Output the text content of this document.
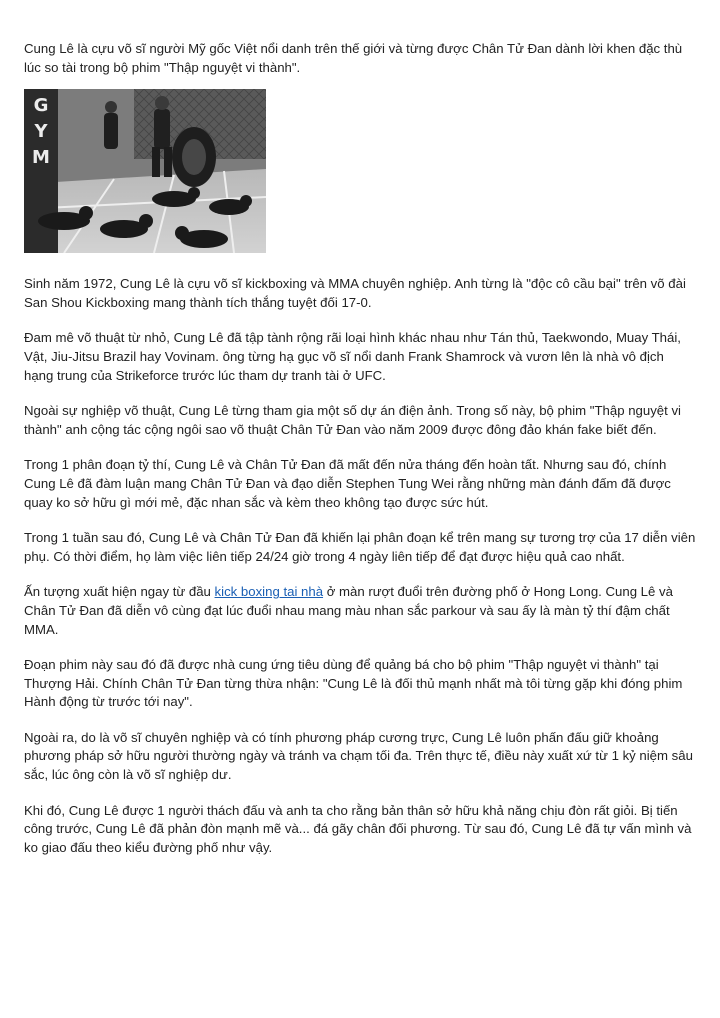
Cung Lê là cựu võ sĩ người Mỹ gốc Việt nổi danh trên thế giới và từng được Chân Tử Đan dành lời khen đặc thù lúc so tài trong bộ phim "Thập nguyệt vi thành".

G
Y
M

Sinh năm 1972, Cung Lê là cựu võ sĩ kickboxing và MMA chuyên nghiệp. Anh từng là "độc cô cầu bại" trên võ đài San Shou Kickboxing mang thành tích thắng tuyệt đối 17-0.

Đam mê võ thuật từ nhỏ, Cung Lê đã tập tành rộng rãi loại hình khác nhau như Tán thủ, Taekwondo, Muay Thái, Vật, Jiu-Jitsu Brazil hay Vovinam. ông từng hạ gục võ sĩ nổi danh Frank Shamrock và vươn lên là nhà vô địch hạng trung của Strikeforce trước lúc tham dự tranh tài ở UFC.

Ngoài sự nghiệp võ thuật, Cung Lê từng tham gia một số dự án điện ảnh. Trong số này, bộ phim "Thập nguyệt vi thành" anh cộng tác cộng ngôi sao võ thuật Chân Tử Đan vào năm 2009 được đông đảo khán fake biết đến.

Trong 1 phân đoạn tỷ thí, Cung Lê và Chân Tử Đan đã mất đến nửa tháng đến hoàn tất. Nhưng sau đó, chính Cung Lê đã đàm luận mang Chân Tử Đan và đạo diễn Stephen Tung Wei rằng những màn đánh đấm đã được quay ko sở hữu gì mới mẻ, đặc nhan sắc và kèm theo không tạo được sức hút.

Trong 1 tuần sau đó, Cung Lê và Chân Tử Đan đã khiến lại phân đoạn kể trên mang sự tương trợ của 17 diễn viên phụ. Có thời điểm, họ làm việc liên tiếp 24/24 giờ trong 4 ngày liên tiếp để đạt được hiệu quả cao nhất.

Ấn tượng xuất hiện ngay từ đầu kick boxing tai nhà ở màn rượt đuổi trên đường phố ở Hong Long. Cung Lê và Chân Tử Đan đã diễn vô cùng đạt lúc đuổi nhau mang màu nhan sắc parkour và sau ấy là màn tỷ thí đậm chất MMA.

Đoạn phim này sau đó đã được nhà cung ứng tiêu dùng để quảng bá cho bộ phim "Thập nguyệt vi thành" tại Thượng Hải. Chính Chân Tử Đan từng thừa nhận: "Cung Lê là đối thủ mạnh nhất mà tôi từng gặp khi đóng phim Hành động từ trước tới nay".

Ngoài ra, do là võ sĩ chuyên nghiệp và có tính phương pháp cương trực, Cung Lê luôn phấn đấu giữ khoảng phương pháp sở hữu người thường ngày và tránh va chạm tối đa. Trên thực tế, điều này xuất xứ từ 1 kỷ niệm sâu sắc, lúc ông còn là võ sĩ nghiệp dư.

Khi đó, Cung Lê được 1 người thách đấu và anh ta cho rằng bản thân sở hữu khả năng chịu đòn rất giỏi. Bị tiến công trước, Cung Lê đã phản đòn mạnh mẽ và... đá gãy chân đối phương. Từ sau đó, Cung Lê đã tự vấn mình và ko giao đấu theo kiểu đường phố như vậy.
